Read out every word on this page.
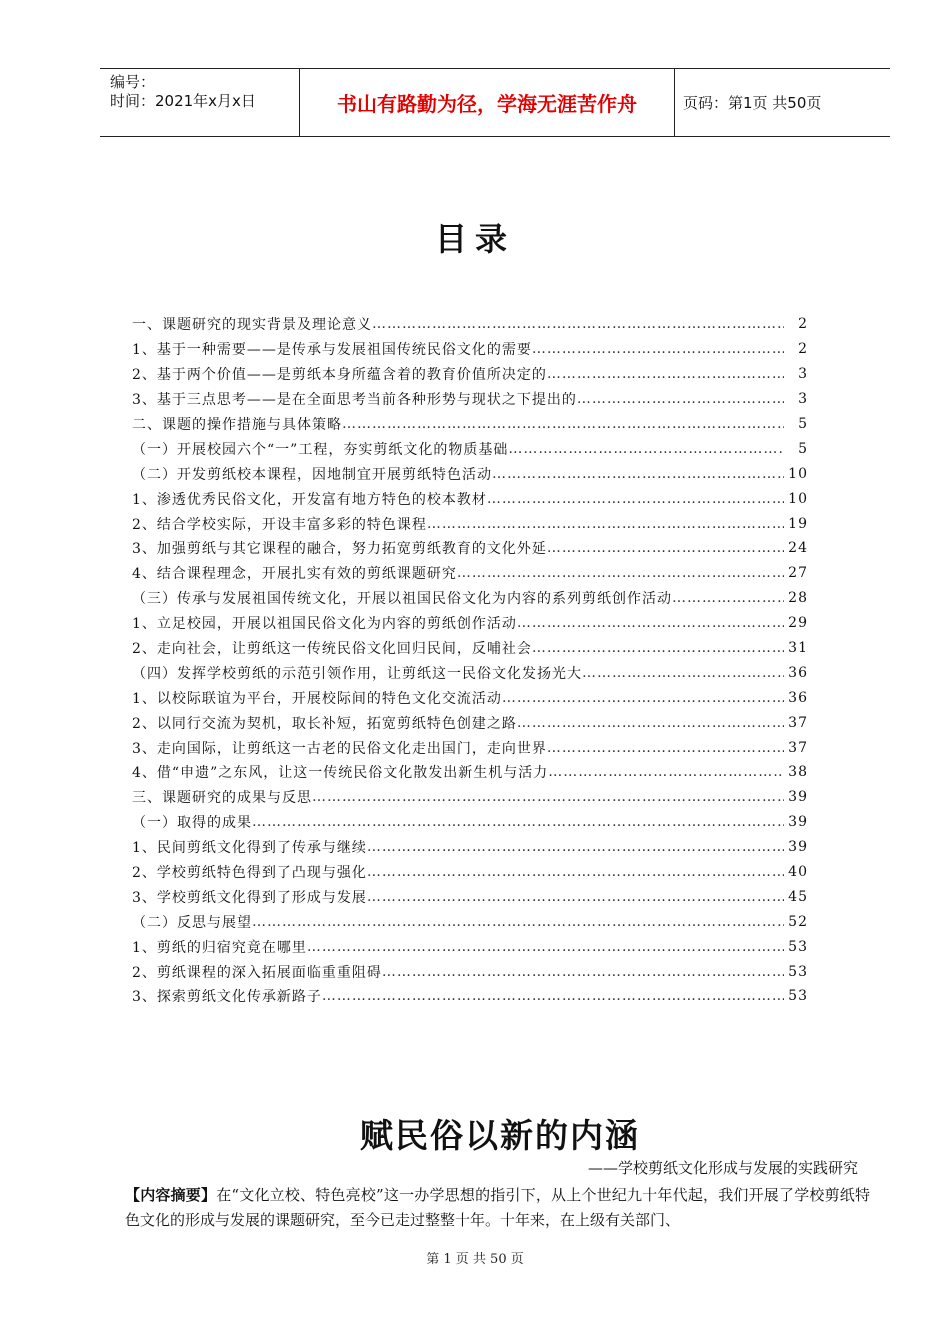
编号：
时间：2021年x月x日	书山有路勤为径，学海无涯苦作舟	页码：第1页 共50页
目录
一、课题研究的现实背景及理论意义 …………………………………………………………………………………………………………………………………………………………………	2
1、基于一种需要——是传承与发展祖国传统民俗文化的需要 …………………………………………………………………………………………………………………………………………………………………	2
2、基于两个价值——是剪纸本身所蕴含着的教育价值所决定的 …………………………………………………………………………………………………………………………………………………………………	3
3、基于三点思考——是在全面思考当前各种形势与现状之下提出的 …………………………………………………………………………………………………………………………………………………………………	3
二、课题的操作措施与具体策略 …………………………………………………………………………………………………………………………………………………………………	5
（一）开展校园六个“一”工程，夯实剪纸文化的物质基础 …………………………………………………………………………………………………………………………………………………………………	5
（二）开发剪纸校本课程，因地制宜开展剪纸特色活动 …………………………………………………………………………………………………………………………………………………………………	10
1、渗透优秀民俗文化，开发富有地方特色的校本教材 …………………………………………………………………………………………………………………………………………………………………	10
2、结合学校实际，开设丰富多彩的特色课程 …………………………………………………………………………………………………………………………………………………………………	19
3、加强剪纸与其它课程的融合，努力拓宽剪纸教育的文化外延 …………………………………………………………………………………………………………………………………………………………………	24
4、结合课程理念，开展扎实有效的剪纸课题研究 …………………………………………………………………………………………………………………………………………………………………	27
（三）传承与发展祖国传统文化，开展以祖国民俗文化为内容的系列剪纸创作活动 …………………………………………………………………………………………………………………………………………………………………	28
1、立足校园，开展以祖国民俗文化为内容的剪纸创作活动 …………………………………………………………………………………………………………………………………………………………………	29
2、走向社会，让剪纸这一传统民俗文化回归民间，反哺社会 …………………………………………………………………………………………………………………………………………………………………	31
（四）发挥学校剪纸的示范引领作用，让剪纸这一民俗文化发扬光大 …………………………………………………………………………………………………………………………………………………………………	36
1、以校际联谊为平台，开展校际间的特色文化交流活动 …………………………………………………………………………………………………………………………………………………………………	36
2、以同行交流为契机，取长补短，拓宽剪纸特色创建之路 …………………………………………………………………………………………………………………………………………………………………	37
3、走向国际，让剪纸这一古老的民俗文化走出国门，走向世界 …………………………………………………………………………………………………………………………………………………………………	37
4、借“申遗”之东风，让这一传统民俗文化散发出新生机与活力 …………………………………………………………………………………………………………………………………………………………………	38
三、课题研究的成果与反思 …………………………………………………………………………………………………………………………………………………………………	39
（一）取得的成果 …………………………………………………………………………………………………………………………………………………………………	39
1、民间剪纸文化得到了传承与继续 …………………………………………………………………………………………………………………………………………………………………	39
2、学校剪纸特色得到了凸现与强化 …………………………………………………………………………………………………………………………………………………………………	40
3、学校剪纸文化得到了形成与发展 …………………………………………………………………………………………………………………………………………………………………	45
（二）反思与展望 …………………………………………………………………………………………………………………………………………………………………	52
1、剪纸的归宿究竟在哪里 …………………………………………………………………………………………………………………………………………………………………	53
2、剪纸课程的深入拓展面临重重阻碍 …………………………………………………………………………………………………………………………………………………………………	53
3、探索剪纸文化传承新路子 …………………………………………………………………………………………………………………………………………………………………	53
赋民俗以新的内涵
——学校剪纸文化形成与发展的实践研究
【内容摘要】在“文化立校、特色亮校”这一办学思想的指引下，从上个世纪九十年代起，我们开展了学校剪纸特色文化的形成与发展的课题研究，至今已走过整整十年。十年来，在上级有关部门、
第 1 页 共 50 页
